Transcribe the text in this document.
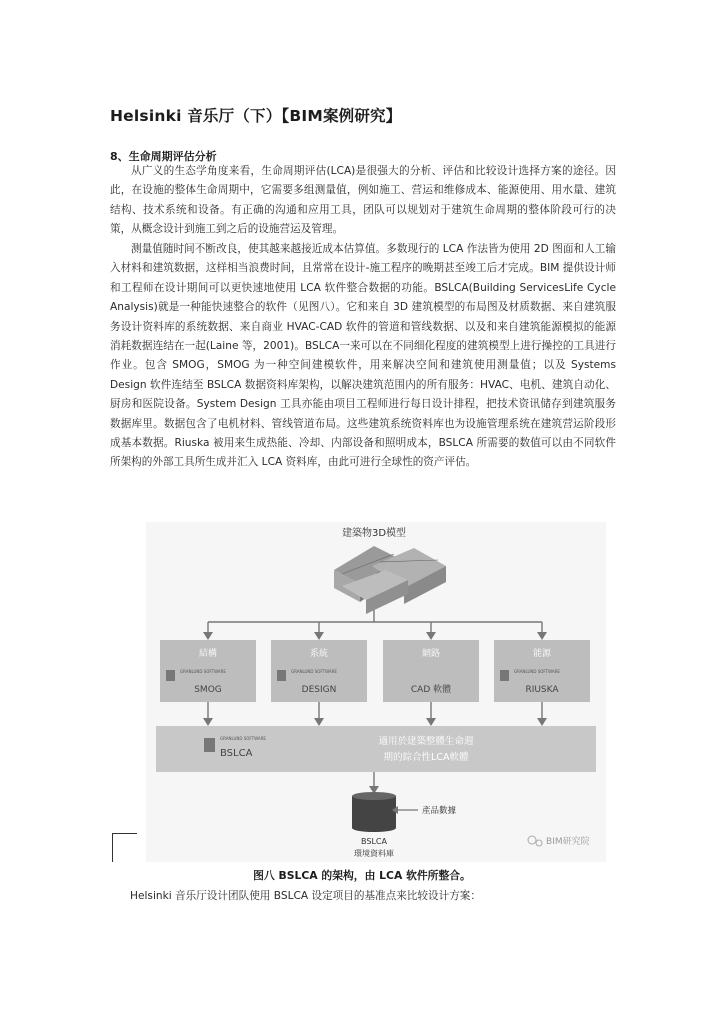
Helsinki 音乐厅（下）【BIM案例研究】
8、生命周期评估分析

从广义的生态学角度来看，生命周期评估(LCA)是很强大的分析、评估和比较设计选择方案的途径。因此，在设施的整体生命周期中，它需要多组测量值，例如施工、营运和维修成本、能源使用、用水量、建筑结构、技术系统和设备。有正确的沟通和应用工具，团队可以规划对于建筑生命周期的整体阶段可行的决策，从概念设计到施工到之后的设施营运及管理。

测量值随时间不断改良，使其越来越接近成本估算值。多数现行的 LCA 作法皆为使用 2D 图面和人工输入材料和建筑数据，这样相当浪费时间，且常常在设计-施工程序的晚期甚至竣工后才完成。BIM 提供设计师和工程师在设计期间可以更快速地使用 LCA 软件整合数据的功能。BSLCA(Building ServicesLife Cycle Analysis)就是一种能快速整合的软件（见图八）。它和来自 3D 建筑模型的布局图及材质数据、来自建筑服务设计资料库的系统数据、来自商业 HVAC-CAD 软件的管道和管线数据、以及和来自建筑能源模拟的能源消耗数据连结在一起(Laine 等，2001)。BSLCA一来可以在不同细化程度的建筑模型上进行操控的工具进行作业。包含 SMOG，SMOG 为一种空间建模软件，用来解决空间和建筑使用测量值；以及 Systems Design 软件连结至 BSLCA 数据资料库架构，以解决建筑范围内的所有服务：HVAC、电机、建筑自动化、厨房和医院设备。System Design 工具亦能由项目工程师进行每日设计排程，把技术资讯储存到建筑服务数据库里。数据包含了电机材料、管线管道布局。这些建筑系统资料库也为设施管理系统在建筑营运阶段形成基本数据。Riuska 被用来生成热能、冷却、内部设备和照明成本，BSLCA 所需要的数值可以由不同软件所架构的外部工具所生成并汇入 LCA 资料库，由此可进行全球性的资产评估。

建築物3D模型
結構
GRANLUND SOFTWARE
SMOG
系統
GRANLUND SOFTWARE
DESIGN
網路
CAD 軟體
能源
GRANLUND SOFTWARE
RIUSKA
GRANLUND SOFTWARE
BSLCA
適用於建築整體生命週
期的綜合性LCA軟體
產品數據
BSLCA
環境資料庫
BIM研究院
图八 BSLCA 的架构，由 LCA 软件所整合。
Helsinki 音乐厅设计团队使用 BSLCA 设定项目的基准点来比较设计方案：
